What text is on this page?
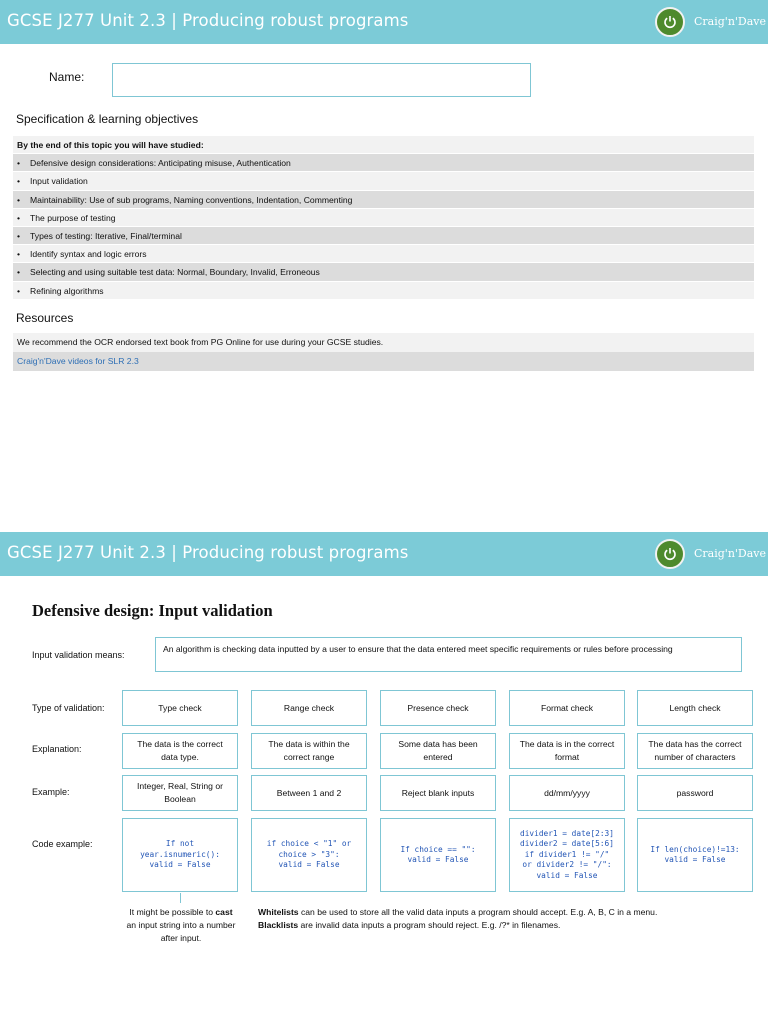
GCSE J277 Unit 2.3 | Producing robust programs	Craig'n'Dave
Name:
Specification & learning objectives
By the end of this topic you will have studied:
• Defensive design considerations: Anticipating misuse, Authentication
• Input validation
• Maintainability: Use of sub programs, Naming conventions, Indentation, Commenting
• The purpose of testing
• Types of testing: Iterative, Final/terminal
• Identify syntax and logic errors
• Selecting and using suitable test data: Normal, Boundary, Invalid, Erroneous
• Refining algorithms
Resources
We recommend the OCR endorsed text book from PG Online for use during your GCSE studies.
Craig'n'Dave videos for SLR 2.3
GCSE J277 Unit 2.3 | Producing robust programs	Craig'n'Dave
Defensive design: Input validation
Input validation means:
An algorithm is checking data inputted by a user to ensure that the data entered meet specific requirements or rules before processing
Type of validation:
Explanation:
Example:
Code example:
Type check
The data is the correct data type.
Integer, Real, String or Boolean
If not
year.isnumeric():
valid = False
Range check
The data is within the correct range
Between 1 and 2
if choice < "1" or
choice > "3":
valid = False
Presence check
Some data has been entered
Reject blank inputs
If choice == "":
valid = False
Format check
The data is in the correct format
dd/mm/yyyy
divider1 = date[2:3]
divider2 = date[5:6]
if divider1 != "/"
or divider2 != "/":
valid = False
Length check
The data has the correct number of characters
password
If len(choice)!=13:
valid = False
It might be possible to cast an input string into a number after input.
Whitelists can be used to store all the valid data inputs a program should accept. E.g. A, B, C in a menu.
Blacklists are invalid data inputs a program should reject. E.g. /?* in filenames.
